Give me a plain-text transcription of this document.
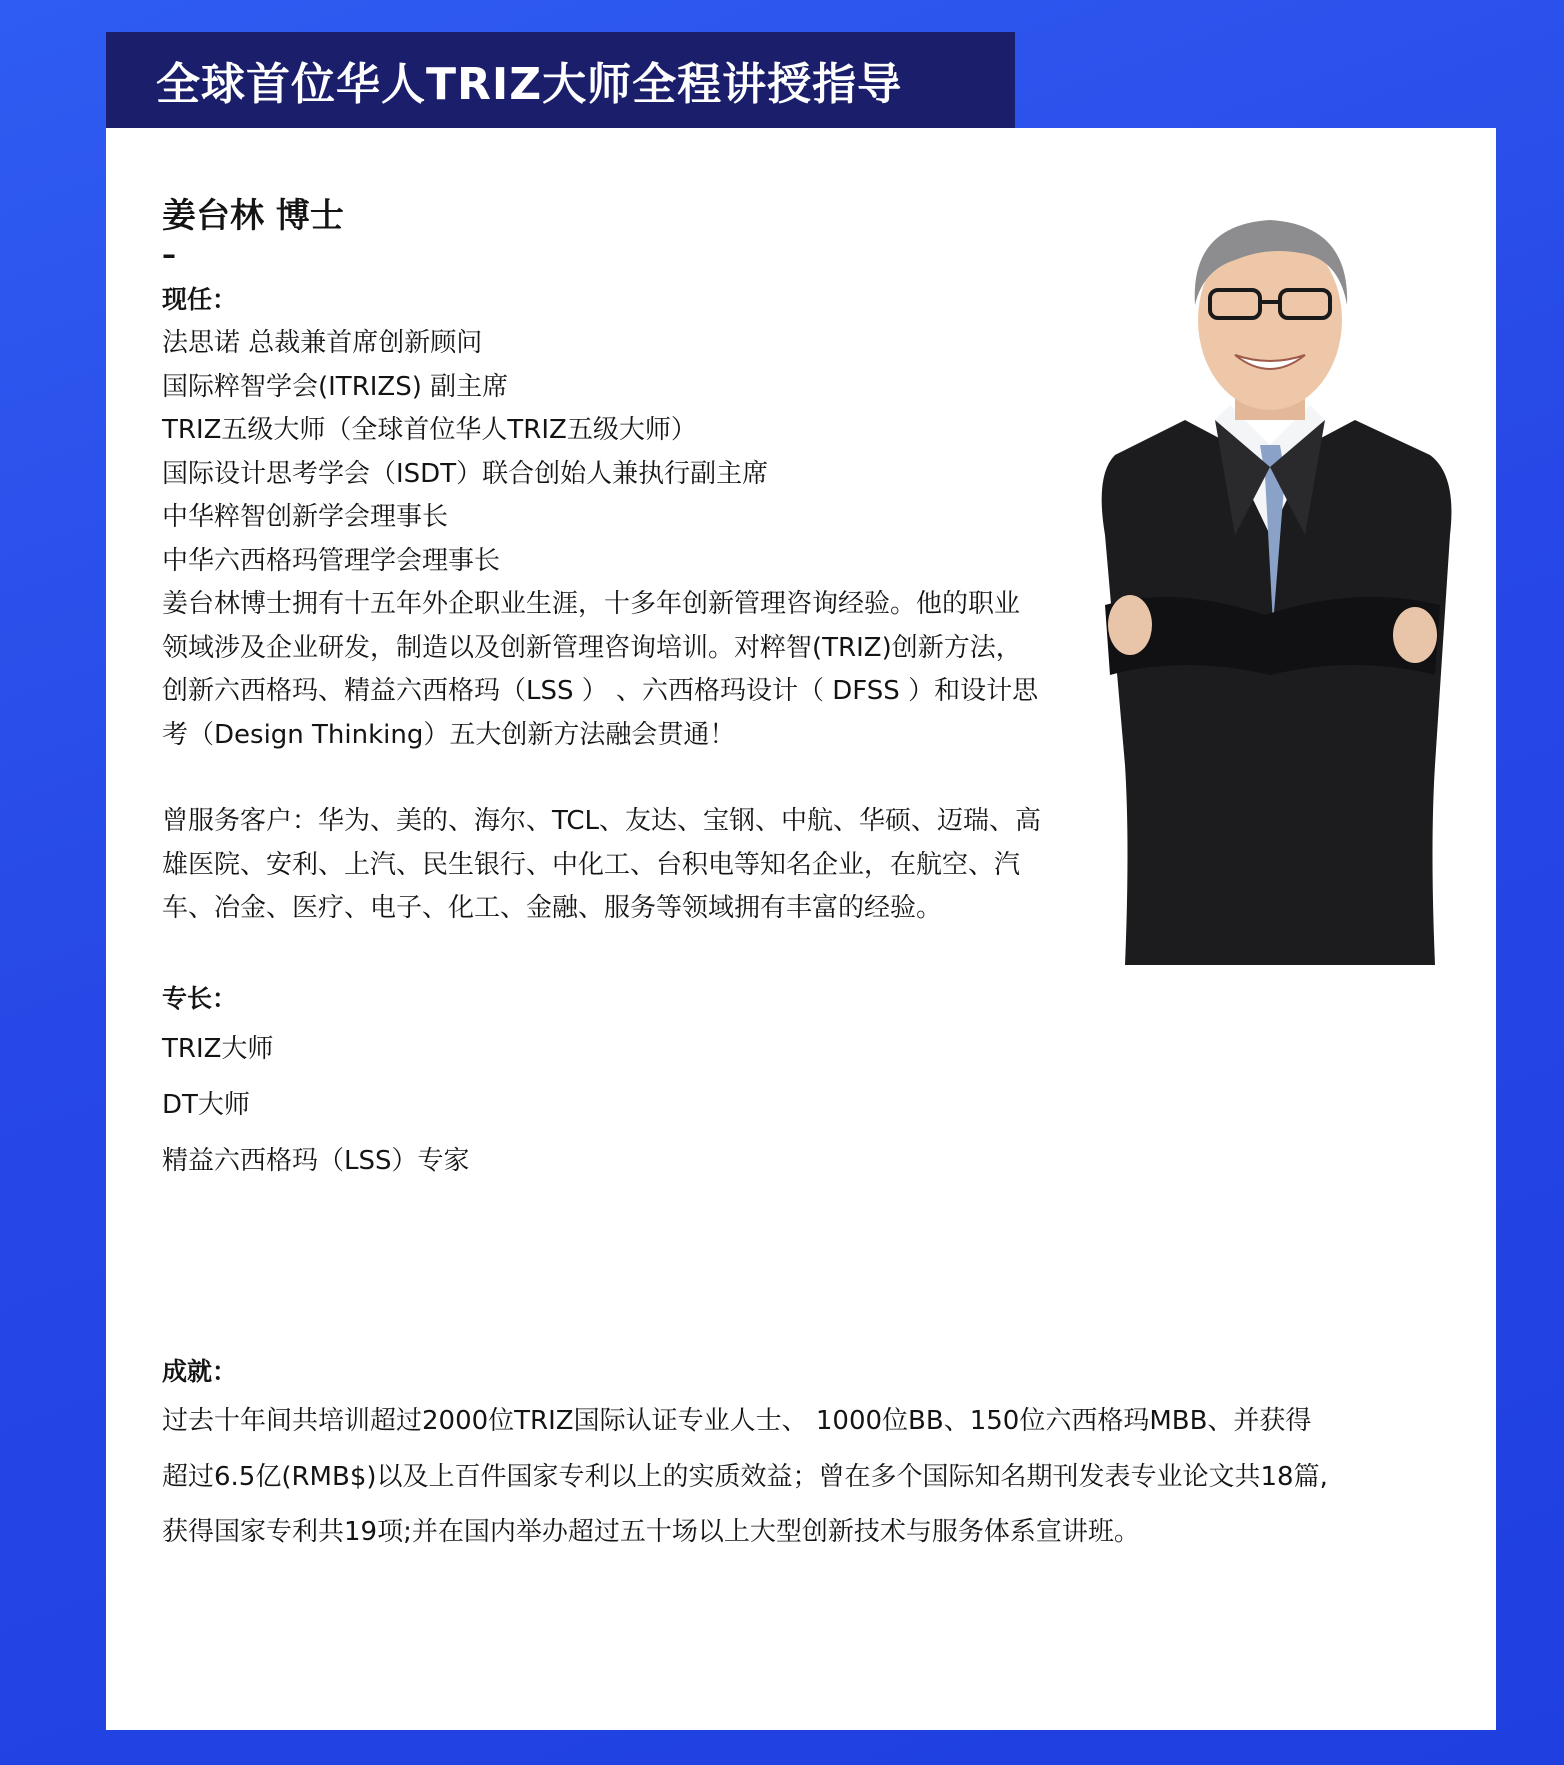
全球首位华人TRIZ大师全程讲授指导

姜台林 博士

–

现任：

法思诺 总裁兼首席创新顾问

国际粹智学会(ITRIZS) 副主席

TRIZ五级大师（全球首位华人TRIZ五级大师）

国际设计思考学会（ISDT）联合创始人兼执行副主席

中华粹智创新学会理事长

中华六西格玛管理学会理事长

姜台林博士拥有十五年外企职业生涯，十多年创新管理咨询经验。他的职业领域涉及企业研发，制造以及创新管理咨询培训。对粹智(TRIZ)创新方法，创新六西格玛、精益六西格玛（LSS ） 、六西格玛设计（ DFSS ）和设计思考（Design Thinking）五大创新方法融会贯通！

曾服务客户：华为、美的、海尔、TCL、友达、宝钢、中航、华硕、迈瑞、高雄医院、安利、上汽、民生银行、中化工、台积电等知名企业，在航空、汽车、冶金、医疗、电子、化工、金融、服务等领域拥有丰富的经验。

专长：

TRIZ大师

DT大师

精益六西格玛（LSS）专家

成就：

过去十年间共培训超过2000位TRIZ国际认证专业人士、 1000位BB、150位六西格玛MBB、并获得

超过6.5亿(RMB$)以及上百件国家专利以上的实质效益；曾在多个国际知名期刊发表专业论文共18篇,

获得国家专利共19项;并在国内举办超过五十场以上大型创新技术与服务体系宣讲班。
